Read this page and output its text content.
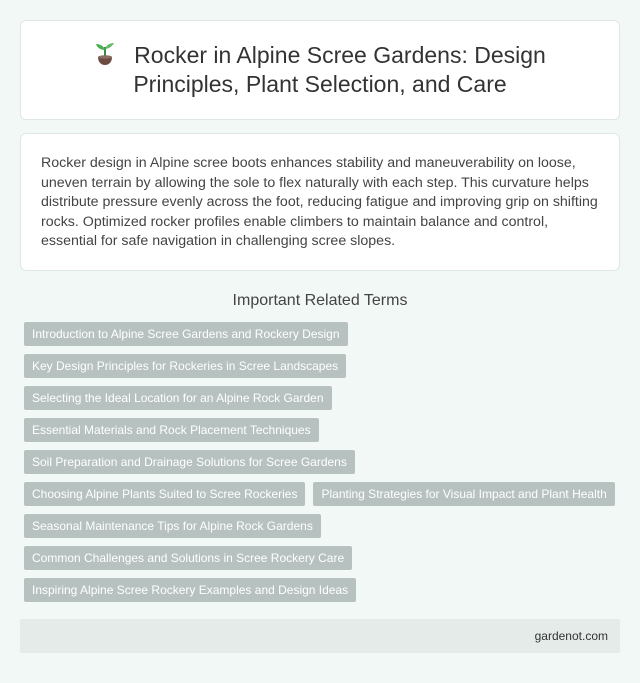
Rocker in Alpine Scree Gardens: Design Principles, Plant Selection, and Care

Rocker design in Alpine scree boots enhances stability and maneuverability on loose, uneven terrain by allowing the sole to flex naturally with each step. This curvature helps distribute pressure evenly across the foot, reducing fatigue and improving grip on shifting rocks. Optimized rocker profiles enable climbers to maintain balance and control, essential for safe navigation in challenging scree slopes.

Important Related Terms
Introduction to Alpine Scree Gardens and Rockery Design
Key Design Principles for Rockeries in Scree Landscapes
Selecting the Ideal Location for an Alpine Rock Garden
Essential Materials and Rock Placement Techniques
Soil Preparation and Drainage Solutions for Scree Gardens
Choosing Alpine Plants Suited to Scree Rockeries	Planting Strategies for Visual Impact and Plant Health
Seasonal Maintenance Tips for Alpine Rock Gardens
Common Challenges and Solutions in Scree Rockery Care
Inspiring Alpine Scree Rockery Examples and Design Ideas
gardenot.com
